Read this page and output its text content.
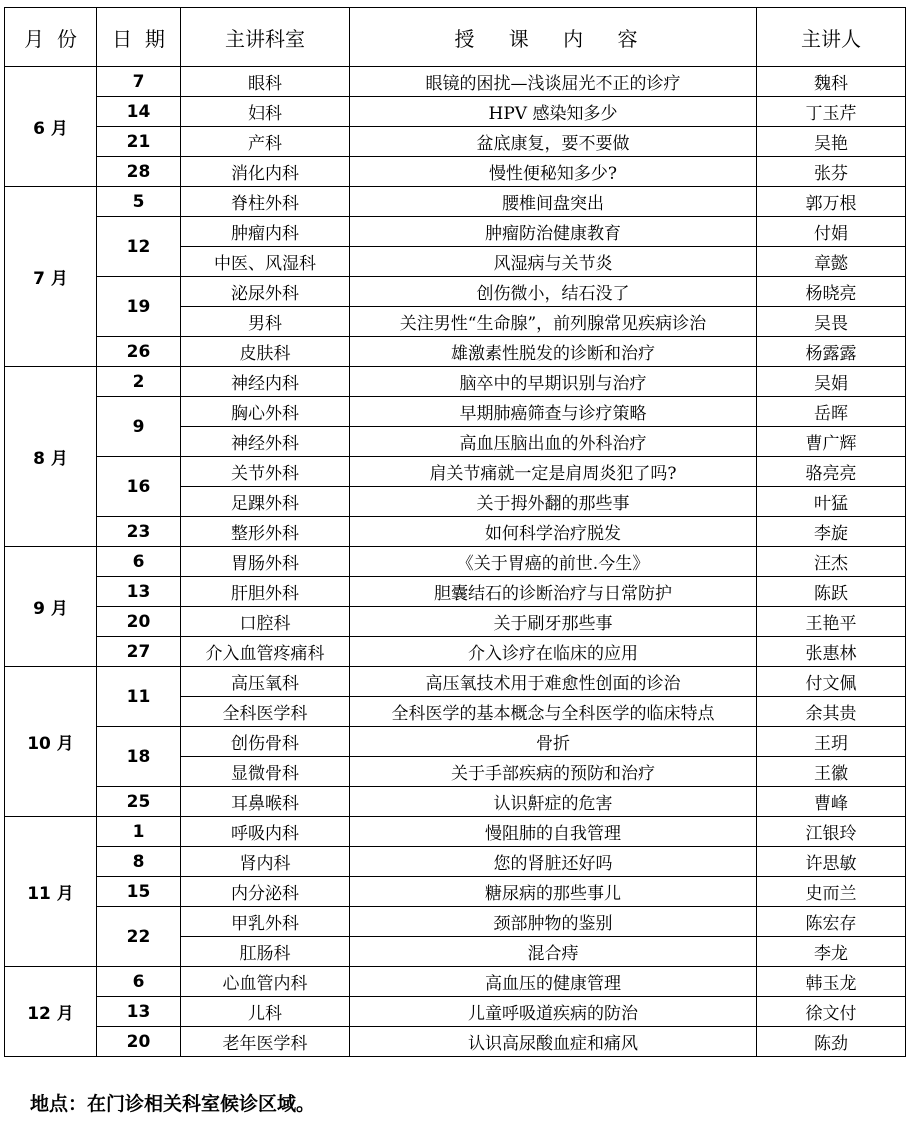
月  份	日  期	主讲科室	授 课 内 容	主讲人
6 月	7	眼科	眼镜的困扰—浅谈屈光不正的诊疗	魏科
	14	妇科	HPV 感染知多少	丁玉芹
	21	产科	盆底康复，要不要做	吴艳
	28	消化内科	慢性便秘知多少?	张芬
7 月	5	脊柱外科	腰椎间盘突出	郭万根
	12	肿瘤内科	肿瘤防治健康教育	付娟
		中医、风湿科	风湿病与关节炎	章懿
	19	泌尿外科	创伤微小，结石没了	杨晓亮
		男科	关注男性“生命腺”，前列腺常见疾病诊治	吴畏
	26	皮肤科	雄激素性脱发的诊断和治疗	杨露露
8 月	2	神经内科	脑卒中的早期识别与治疗	吴娟
	9	胸心外科	早期肺癌筛查与诊疗策略	岳晖
		神经外科	高血压脑出血的外科治疗	曹广辉
	16	关节外科	肩关节痛就一定是肩周炎犯了吗?	骆亮亮
		足踝外科	关于拇外翻的那些事	叶猛
	23	整形外科	如何科学治疗脱发	李旋
9 月	6	胃肠外科	《关于胃癌的前世.今生》	汪杰
	13	肝胆外科	胆囊结石的诊断治疗与日常防护	陈跃
	20	口腔科	关于刷牙那些事	王艳平
	27	介入血管疼痛科	介入诊疗在临床的应用	张惠林
10 月	11	高压氧科	高压氧技术用于难愈性创面的诊治	付文佩
		全科医学科	全科医学的基本概念与全科医学的临床特点	余其贵
	18	创伤骨科	骨折	王玥
		显微骨科	关于手部疾病的预防和治疗	王徽
	25	耳鼻喉科	认识鼾症的危害	曹峰
11 月	1	呼吸内科	慢阻肺的自我管理	江银玲
	8	肾内科	您的肾脏还好吗	许思敏
	15	内分泌科	糖尿病的那些事儿	史而兰
	22	甲乳外科	颈部肿物的鉴别	陈宏存
		肛肠科	混合痔	李龙
12 月	6	心血管内科	高血压的健康管理	韩玉龙
	13	儿科	儿童呼吸道疾病的防治	徐文付
	20	老年医学科	认识高尿酸血症和痛风	陈劲
地点：在门诊相关科室候诊区域。
